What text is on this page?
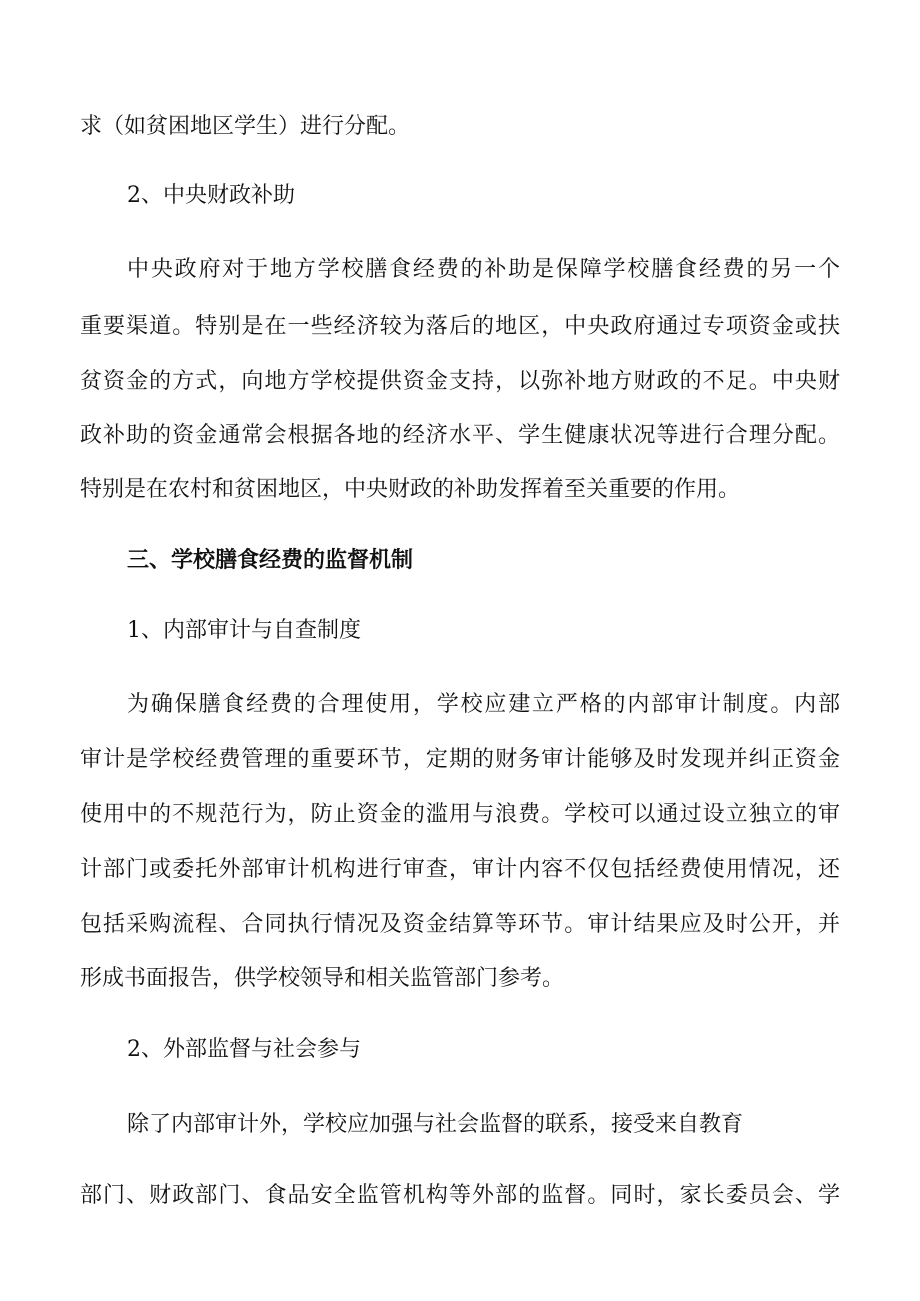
求（如贫困地区学生）进行分配。
2、中央财政补助
中央政府对于地方学校膳食经费的补助是保障学校膳食经费的另一个
重要渠道。特别是在一些经济较为落后的地区，中央政府通过专项资金或扶
贫资金的方式，向地方学校提供资金支持，以弥补地方财政的不足。中央财
政补助的资金通常会根据各地的经济水平、学生健康状况等进行合理分配。
特别是在农村和贫困地区，中央财政的补助发挥着至关重要的作用。
三、学校膳食经费的监督机制
1、内部审计与自查制度
为确保膳食经费的合理使用，学校应建立严格的内部审计制度。内部
审计是学校经费管理的重要环节，定期的财务审计能够及时发现并纠正资金
使用中的不规范行为，防止资金的滥用与浪费。学校可以通过设立独立的审
计部门或委托外部审计机构进行审查，审计内容不仅包括经费使用情况，还
包括采购流程、合同执行情况及资金结算等环节。审计结果应及时公开，并
形成书面报告，供学校领导和相关监管部门参考。
2、外部监督与社会参与
除了内部审计外，学校应加强与社会监督的联系，接受来自教育
部门、财政部门、食品安全监管机构等外部的监督。同时，家长委员会、学
